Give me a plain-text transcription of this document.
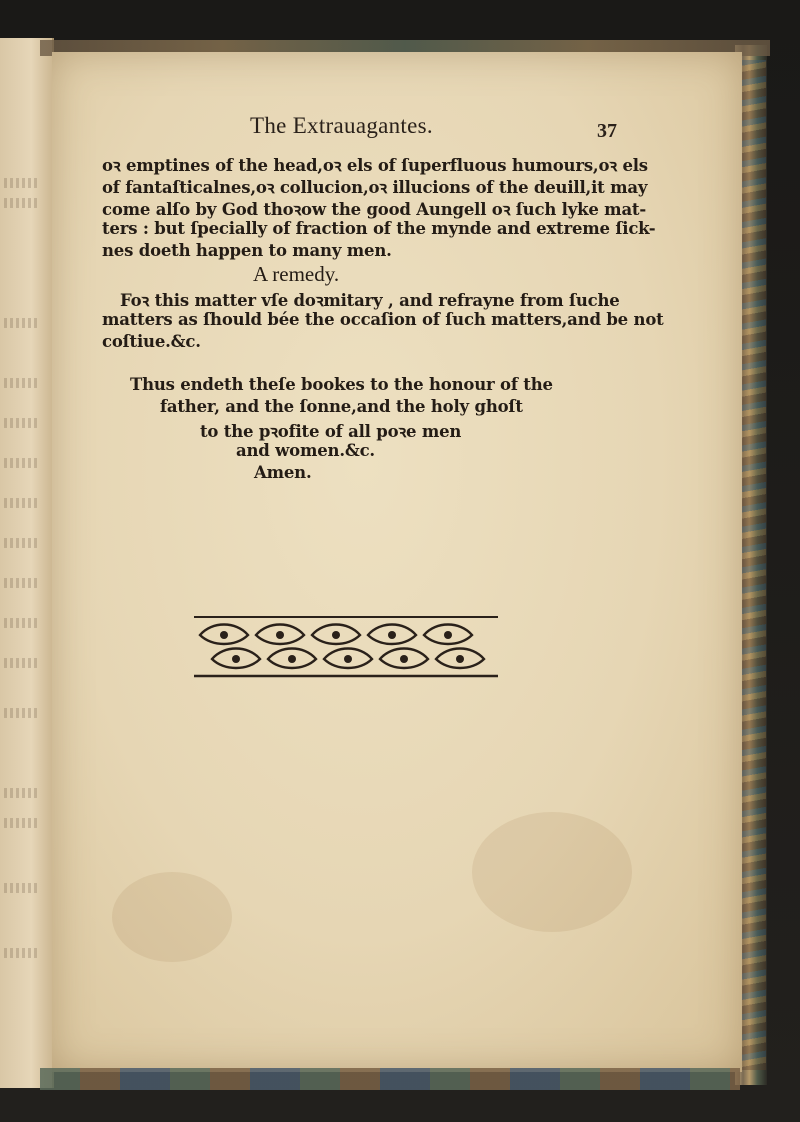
The Extrauagantes.	37
oꝛ emptines of the head,oꝛ els of ſuperfluous humours,oꝛ els
of fantaſticalnes,oꝛ collucion,oꝛ illucions of the deuill,it may
come alſo by God thoꝛow the good Aungell oꝛ ſuch lyke mat-
ters : but ſpecially of fraction of the mynde and extreme ſick-
nes doeth happen to many men.
A remedy.
Foꝛ this matter vſe doꝛmitary , and refrayne from ſuche
matters as ſhould bée the occaſion of ſuch matters,and be not
coſtiue.&c.
Thus endeth theſe bookes to the honour of the
father, and the ſonne,and the holy ghoſt
to the pꝛofite of all poꝛe men
and women.&c.
Amen.
